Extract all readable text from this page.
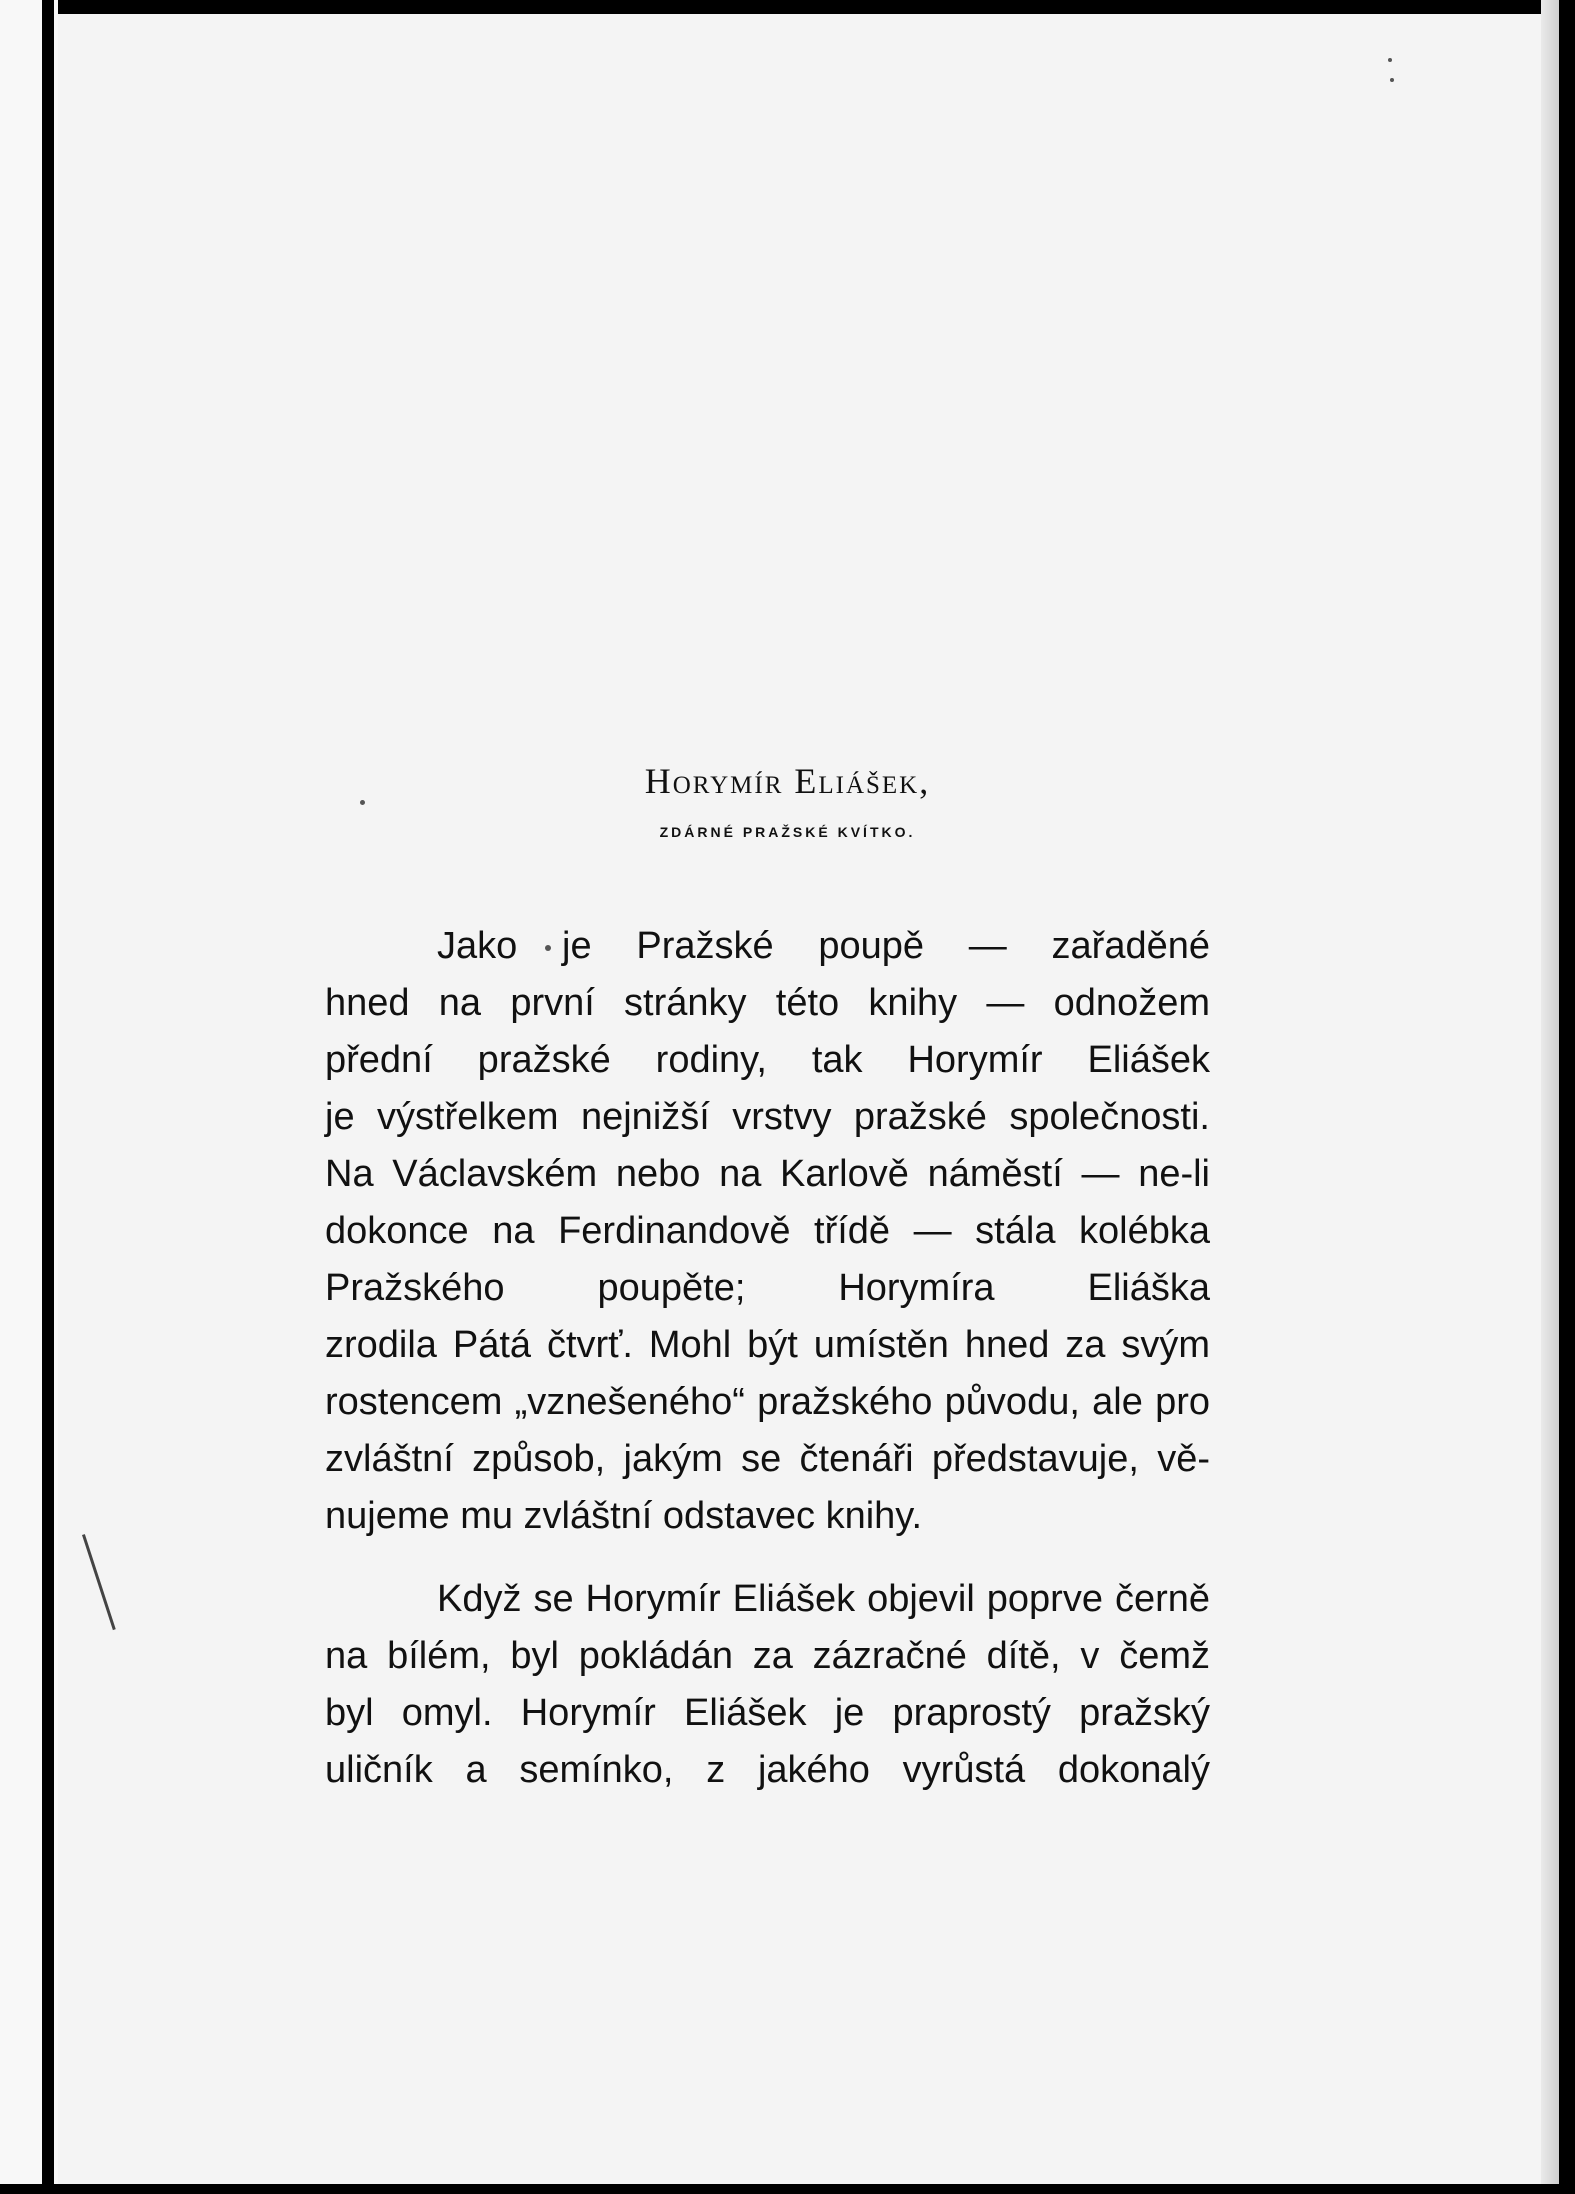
Horymír Eliášek,
ZDÁRNÉ PRAŽSKÉ KVÍTKO.

Jako je Pražské poupě — zařaděné
hned na první stránky této knihy — odnožem
přední pražské rodiny, tak Horymír Eliášek
je výstřelkem nejnižší vrstvy pražské společnosti.
Na Václavském nebo na Karlově náměstí — ne-li
dokonce na Ferdinandově třídě — stála kolébka
Pražského poupěte; Horymíra Eliáška
zrodila Pátá čtvrť. Mohl být umístěn hned za svým
rostencem „vznešeného“ pražského původu, ale pro
zvláštní způsob, jakým se čtenáři představuje, vě-
nujeme mu zvláštní odstavec knihy.

Když se Horymír Eliášek objevil poprve černě
na bílém, byl pokládán za zázračné dítě, v čemž
byl omyl. Horymír Eliášek je praprostý pražský
uličník a semínko, z jakého vyrůstá dokonalý
